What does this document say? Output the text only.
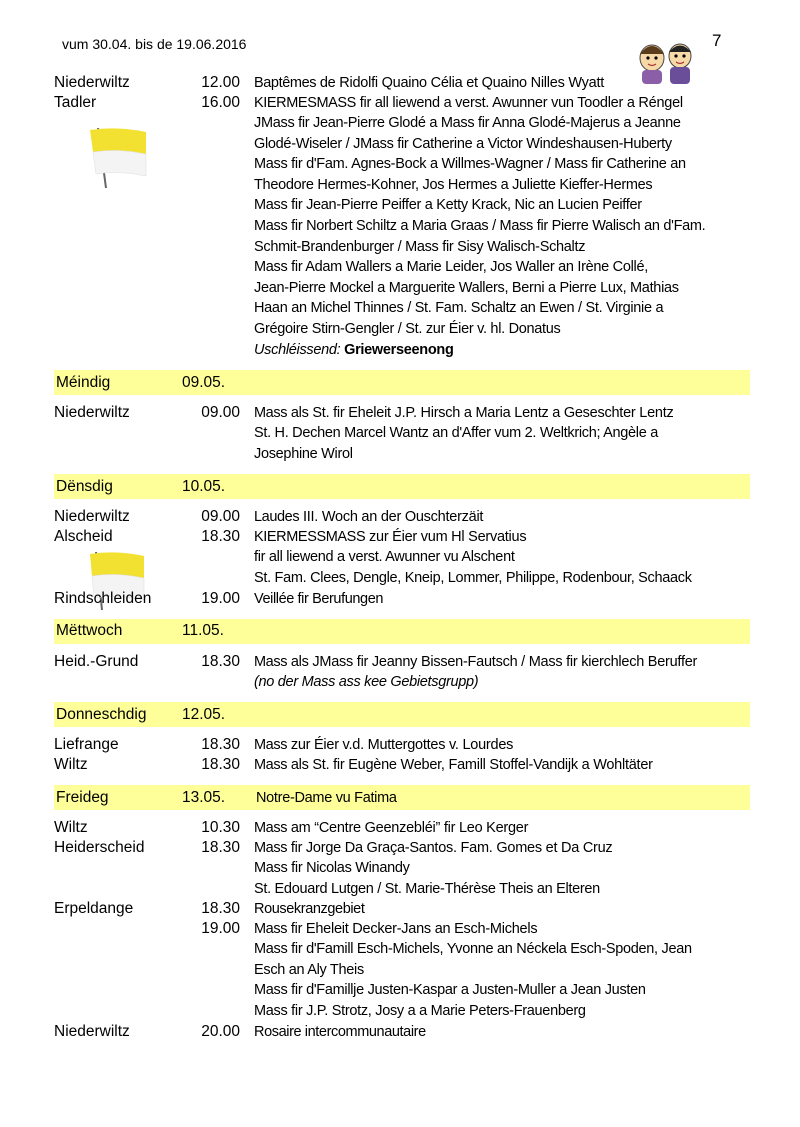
vum 30.04. bis de 19.06.2016	7
Niederwiltz	12.00 Baptêmes de Ridolfi Quaino Célia et Quaino Nilles Wyatt
Tadler	16.00 KIERMESMASS fir all liewend a verst. Awunner vun Toodler a Réngel
JMass fir Jean-Pierre Glodé a Mass fir Anna Glodé-Majerus a Jeanne
Glodé-Wiseler / JMass fir Catherine a Victor Windeshausen-Huberty
Mass fir d'Fam. Agnes-Bock a Willmes-Wagner / Mass fir Catherine an
Theodore Hermes-Kohner, Jos Hermes a Juliette Kieffer-Hermes
Mass fir Jean-Pierre Peiffer a Ketty Krack, Nic an Lucien Peiffer
Mass fir Norbert Schiltz a Maria Graas / Mass fir Pierre Walisch an d'Fam.
Schmit-Brandenburger / Mass fir Sisy Walisch-Schaltz
Mass fir Adam Wallers a Marie Leider, Jos Waller an Irène Collé,
Jean-Pierre Mockel a Marguerite Wallers, Berni a Pierre Lux, Mathias
Haan an Michel Thinnes / St. Fam. Schaltz an Ewen / St. Virginie a
Grégoire Stirn-Gengler / St. zur Éier v. hl. Donatus
Uschléissend: Griewerseenong
Méindig	09.05.
Niederwiltz	09.00 Mass als St. fir Eheleit J.P. Hirsch a Maria Lentz a Geseschter Lentz
St. H. Dechen Marcel Wantz an d'Affer vum 2. Weltkrich; Angèle a
Josephine Wirol
Dënsdig	10.05.
Niederwiltz	09.00 Laudes III. Woch an der Ouschterzäit
Alscheid	18.30 KIERMESSMASS zur Éier vum Hl Servatius
fir all liewend a verst. Awunner vu Alschent
St. Fam. Clees, Dengle, Kneip, Lommer, Philippe, Rodenbour, Schaack
Rindschleiden	19.00 Veillée fir Berufungen
Mëttwoch	11.05.
Heid.-Grund	18.30 Mass als JMass fir Jeanny Bissen-Fautsch / Mass fir kierchlech Beruffer
(no der Mass ass kee Gebietsgrupp)
Donneschdig	12.05.
Liefrange	18.30 Mass zur Éier v.d. Muttergottes v. Lourdes
Wiltz	18.30 Mass als St. fir Eugène Weber, Famill Stoffel-Vandijk a Wohltäter
Freideg	13.05.	Notre-Dame vu Fatima
Wiltz	10.30 Mass am “Centre Geenzebléi” fir Leo Kerger
Heiderscheid	18.30 Mass fir Jorge Da Graça-Santos. Fam. Gomes et Da Cruz
Mass fir Nicolas Winandy
St. Edouard Lutgen / St. Marie-Thérèse Theis an Elteren
Erpeldange	18.30 Rousekranzgebiet
19.00 Mass fir Eheleit Decker-Jans an Esch-Michels
Mass fir d'Famill Esch-Michels, Yvonne an Néckela Esch-Spoden, Jean
Esch an Aly Theis
Mass fir d'Famillje Justen-Kaspar a Justen-Muller a Jean Justen
Mass fir J.P. Strotz, Josy a a Marie Peters-Frauenberg
Niederwiltz	20.00 Rosaire intercommunautaire
